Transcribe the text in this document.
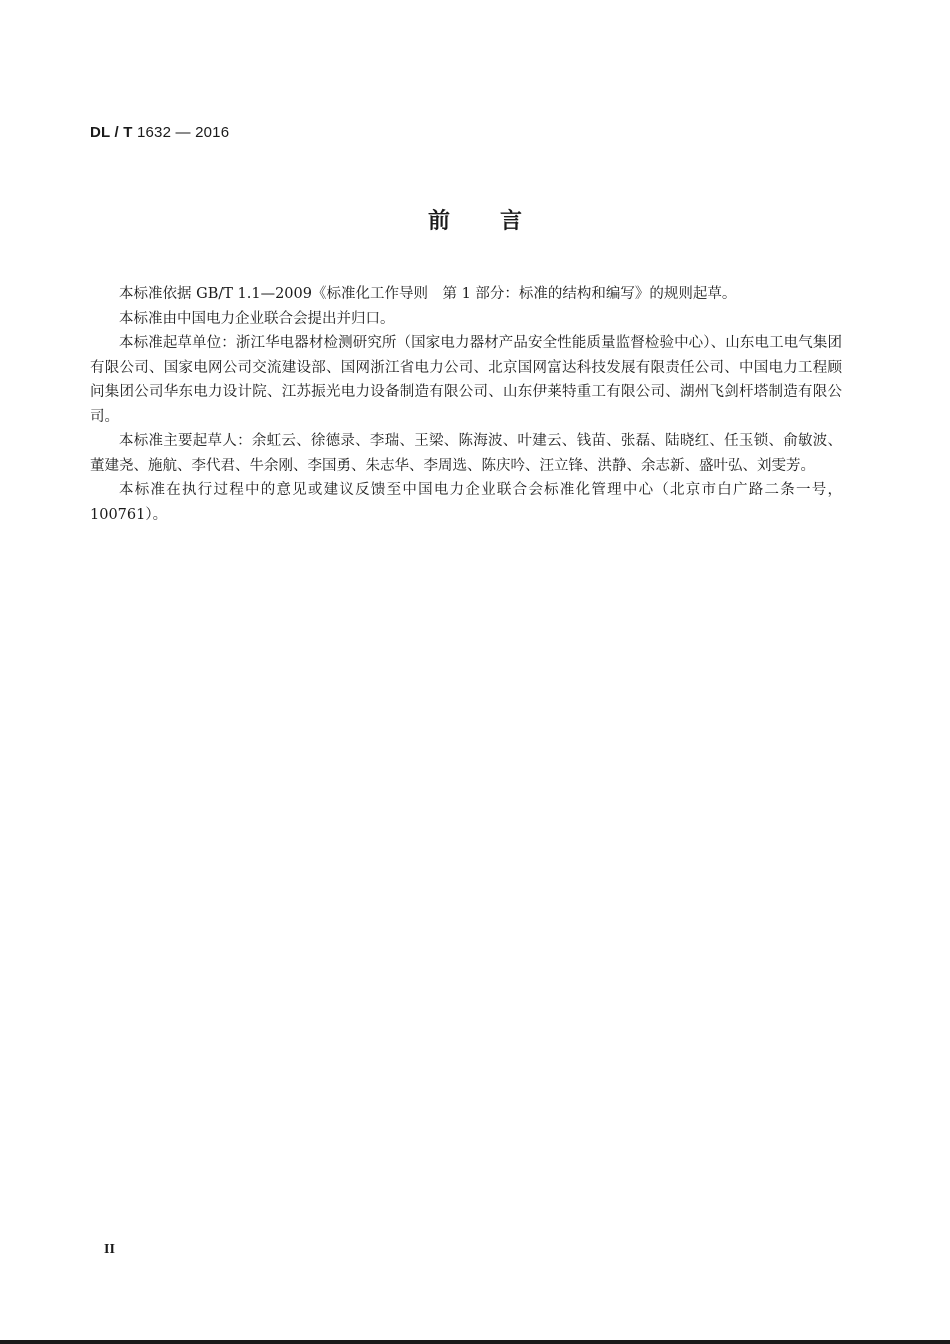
DL / T 1632 — 2016
前言

本标准依据 GB/T 1.1—2009《标准化工作导则　第 1 部分：标准的结构和编写》的规则起草。

本标准由中国电力企业联合会提出并归口。

本标准起草单位：浙江华电器材检测研究所（国家电力器材产品安全性能质量监督检验中心）、山东电工电气集团有限公司、国家电网公司交流建设部、国网浙江省电力公司、北京国网富达科技发展有限责任公司、中国电力工程顾问集团公司华东电力设计院、江苏振光电力设备制造有限公司、山东伊莱特重工有限公司、湖州飞剑杆塔制造有限公司。

本标准主要起草人：余虹云、徐德录、李瑞、王梁、陈海波、叶建云、钱苗、张磊、陆晓红、任玉锁、俞敏波、董建尧、施航、李代君、牛余刚、李国勇、朱志华、李周选、陈庆吟、汪立锋、洪静、余志新、盛叶弘、刘雯芳。

本标准在执行过程中的意见或建议反馈至中国电力企业联合会标准化管理中心（北京市白广路二条一号，100761）。

II
